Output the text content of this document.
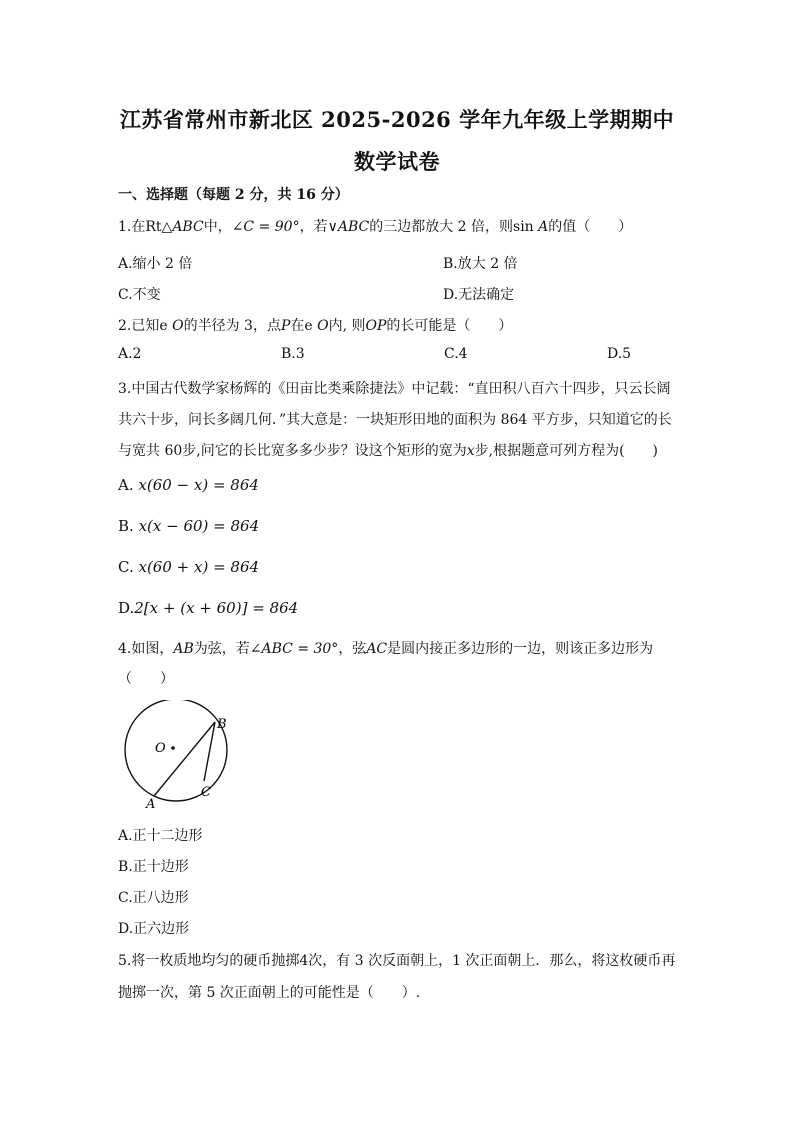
江苏省常州市新北区 2025-2026 学年九年级上学期期中
数学试卷
一、选择题（每题 2 分，共 16 分）
1.在Rt△ABC中，∠C = 90°，若∨ABC的三边都放大 2 倍，则sin A的值（　　）
A.缩小 2 倍	B.放大 2 倍
C.不变	D.无法确定
2.已知e O的半径为 3，点P在e O内, 则OP的长可能是（　　）
A.2	B.3	C.4	D.5
3.中国古代数学家杨辉的《田亩比类乘除捷法》中记载：“直田积八百六十四步，只云长阔
共六十步，问长多阔几何．”其大意是：一块矩形田地的面积为 864 平方步，只知道它的长
与宽共 60步,问它的长比宽多多少步？设这个矩形的宽为x步,根据题意可列方程为(　　)
A. x(60 − x) = 864
B. x(x − 60) = 864
C. x(60 + x) = 864
D.2[x + (x + 60)] = 864
4.如图，AB为弦，若∠ABC = 30°，弦AC是圆内接正多边形的一边，则该正多边形为
（　　）
O
B
C
A
A.正十二边形
B.正十边形
C.正八边形
D.正六边形
5.将一枚质地均匀的硬币抛掷4次，有 3 次反面朝上，1 次正面朝上．那么，将这枚硬币再
抛掷一次，第 5 次正面朝上的可能性是（　　）.
